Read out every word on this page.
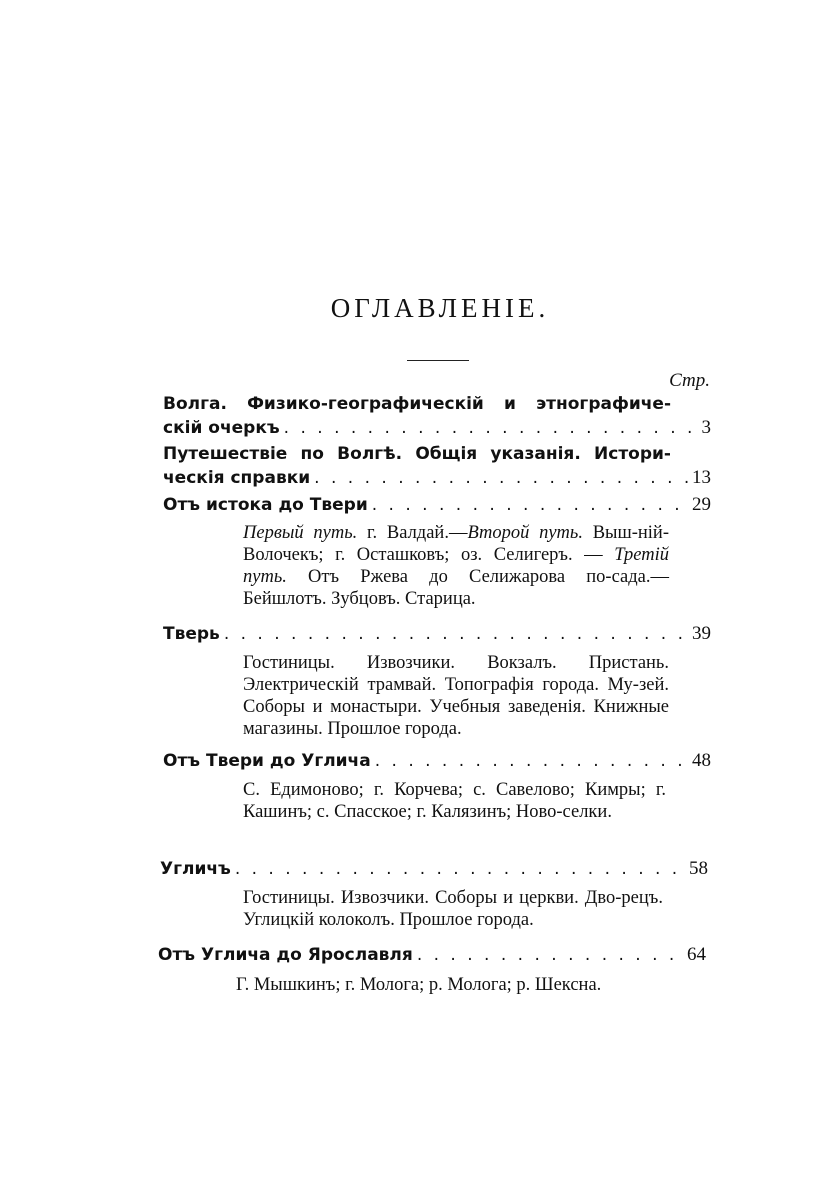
ОГЛАВЛЕНІЕ.
Стр.
Волга. Физико-географическій и этнографиче-
скій очеркъ . . .	3
Путешествіе по Волгѣ. Общія указанія. Истори-
ческія справки . . .	13
Отъ истока до Твери . . .	29
Первый путь. г. Валдай.—Второй путь. Выш-ній-Волочекъ; г. Осташковъ; оз. Селигеръ. — Третій путь. Отъ Ржева до Селижарова по-сада.—Бейшлотъ. Зубцовъ. Старица.
Тверь . . .	39
Гостиницы. Извозчики. Вокзалъ. Пристань. Электрическій трамвай. Топографія города. Му-зей. Соборы и монастыри. Учебныя заведенія. Книжные магазины. Прошлое города.
Отъ Твери до Углича . . .	48
С. Едимоново; г. Корчева; с. Савелово; Кимры; г. Кашинъ; с. Спасское; г. Калязинъ; Ново-селки.
Угличъ . . .	58
Гостиницы. Извозчики. Соборы и церкви. Дво-рецъ. Углицкій колоколъ. Прошлое города.
Отъ Углича до Ярославля . . .	64
Г. Мышкинъ; г. Молога; р. Молога; р. Шексна.
